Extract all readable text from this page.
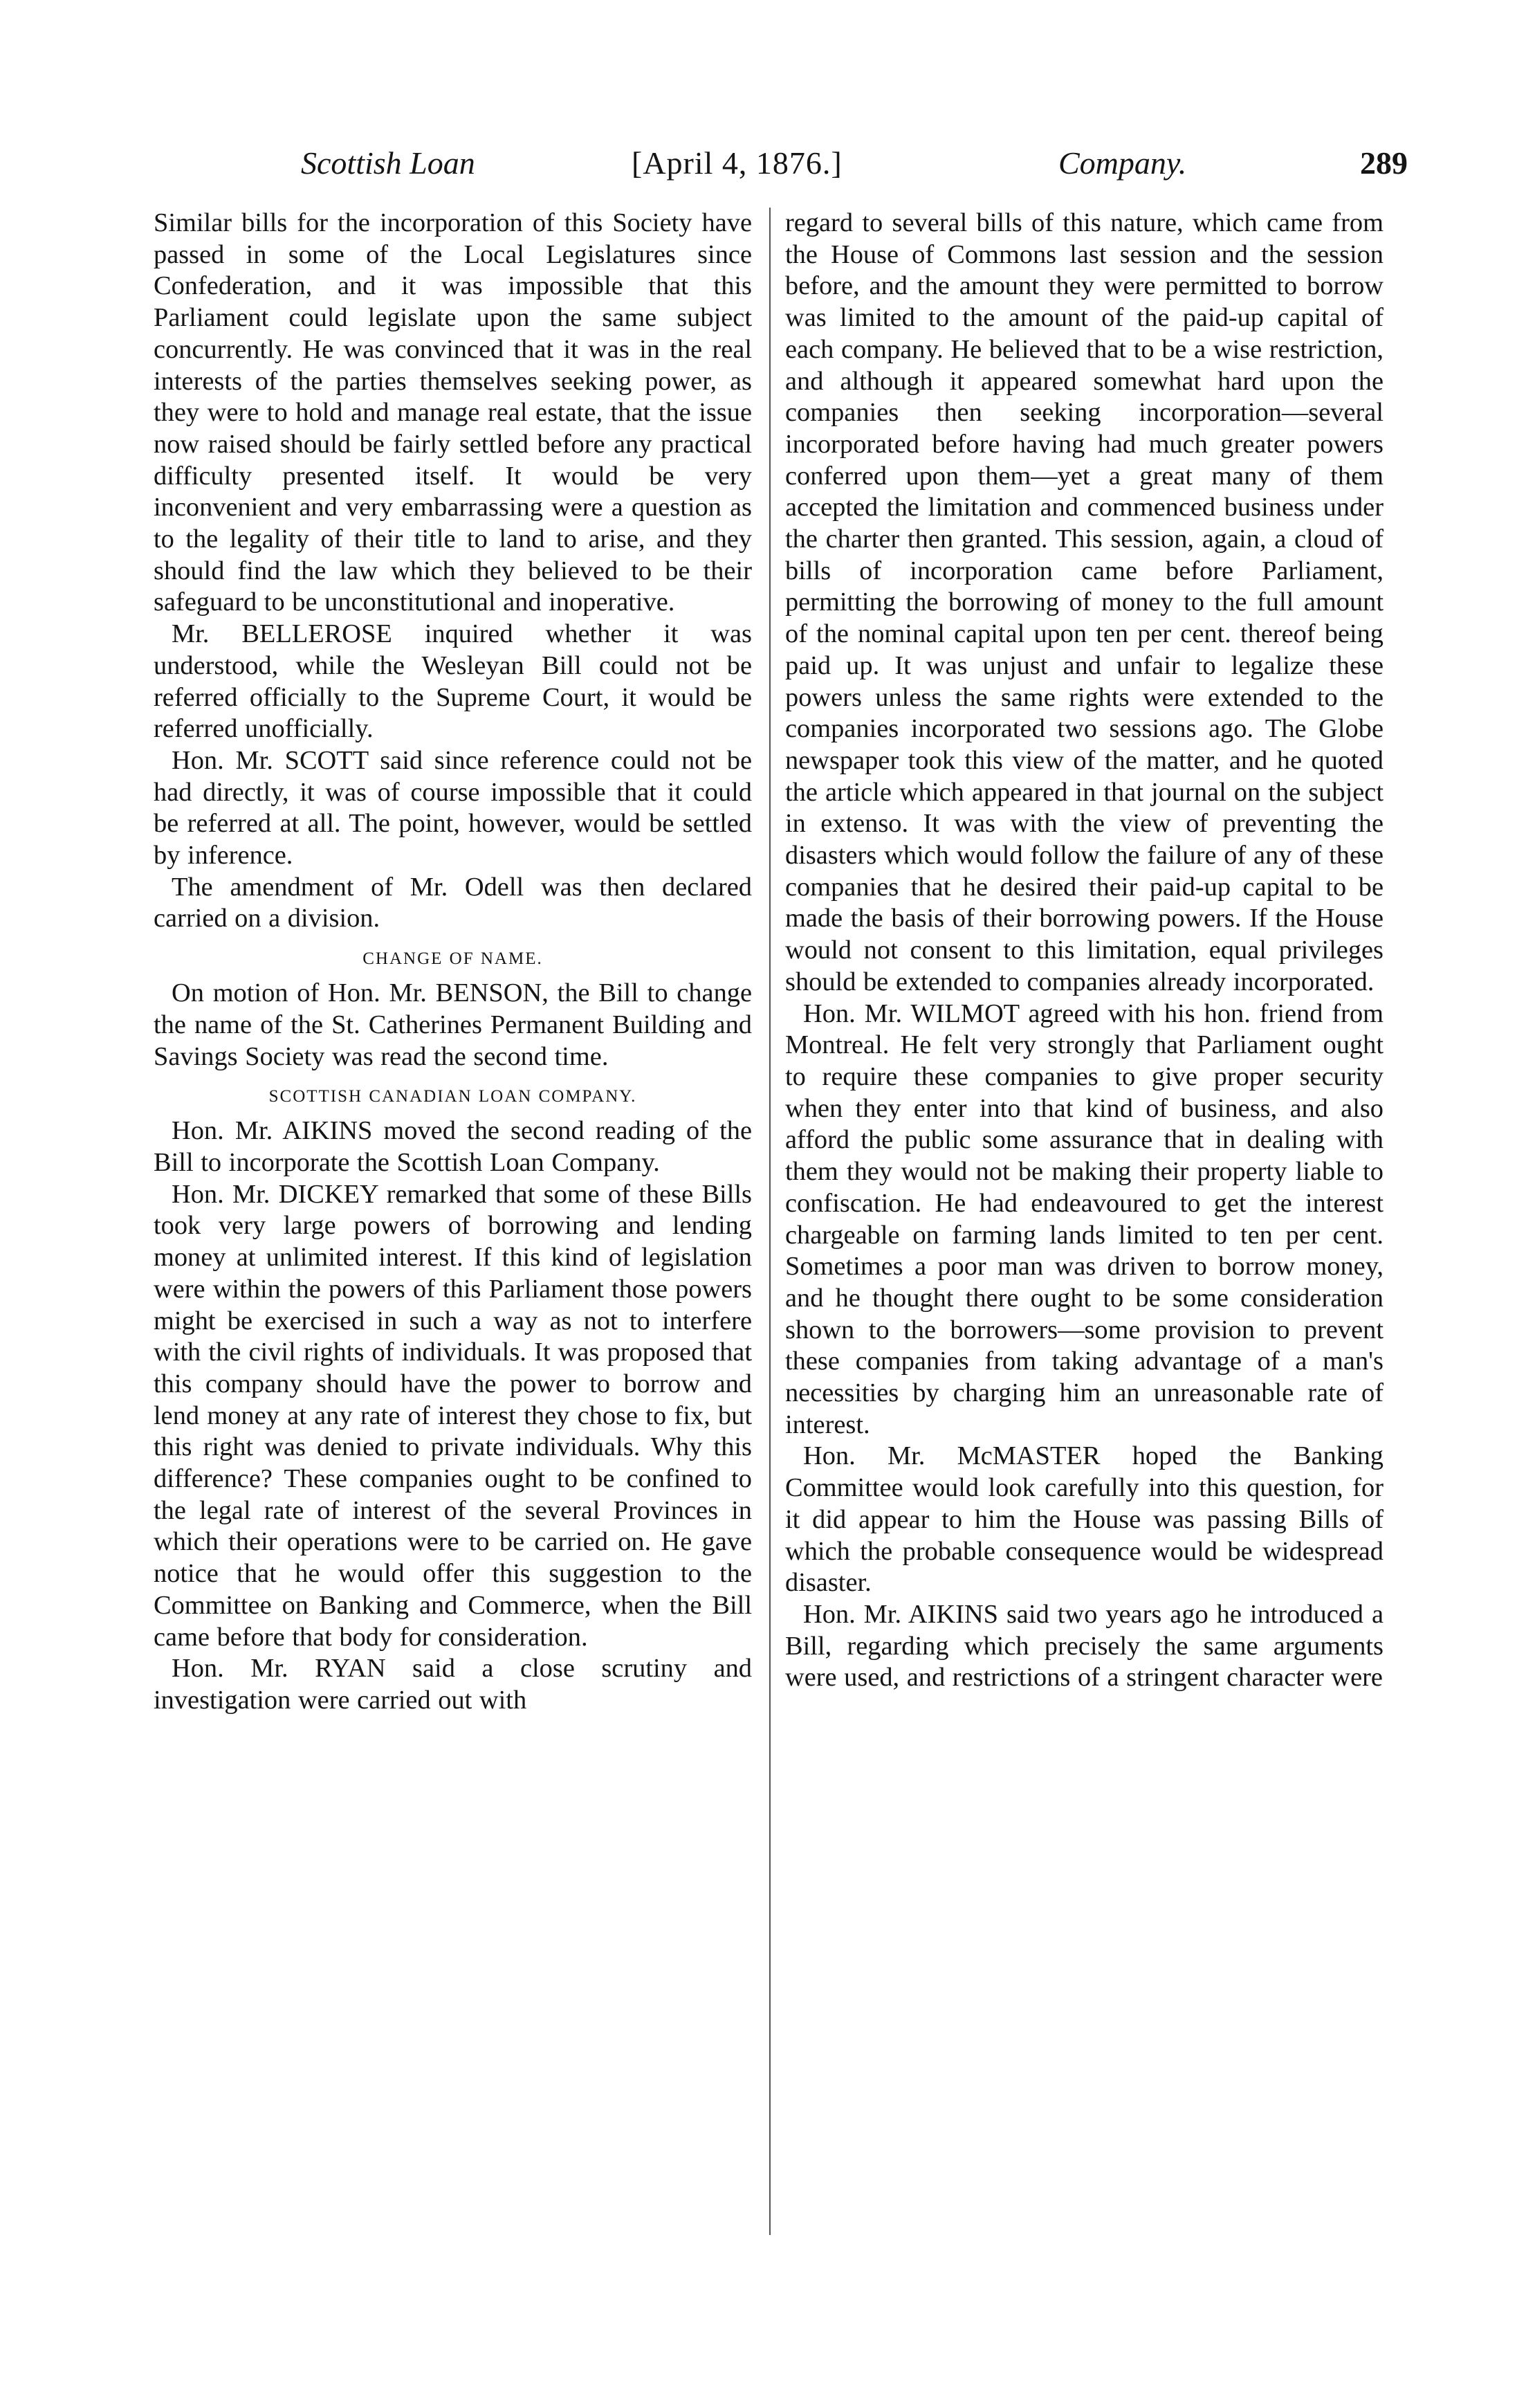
Scottish Loan	[April 4, 1876.]	Company.	289

Similar bills for the incorporation of this Society have passed in some of the Local Legislatures since Confederation, and it was impossible that this Parliament could legislate upon the same subject concurrently. He was convinced that it was in the real interests of the parties themselves seeking power, as they were to hold and manage real estate, that the issue now raised should be fairly settled before any practical difficulty presented itself. It would be very inconvenient and very embarrassing were a question as to the legality of their title to land to arise, and they should find the law which they believed to be their safeguard to be unconstitutional and inoperative.

Mr. BELLEROSE inquired whether it was understood, while the Wesleyan Bill could not be referred officially to the Supreme Court, it would be referred unofficially.

Hon. Mr. SCOTT said since reference could not be had directly, it was of course impossible that it could be referred at all. The point, however, would be settled by inference.

The amendment of Mr. Odell was then declared carried on a division.

CHANGE OF NAME.

On motion of Hon. Mr. BENSON, the Bill to change the name of the St. Catherines Permanent Building and Savings Society was read the second time.

SCOTTISH CANADIAN LOAN COMPANY.

Hon. Mr. AIKINS moved the second reading of the Bill to incorporate the Scottish Loan Company.

Hon. Mr. DICKEY remarked that some of these Bills took very large powers of borrowing and lending money at unlimited interest. If this kind of legislation were within the powers of this Parliament those powers might be exercised in such a way as not to interfere with the civil rights of individuals. It was proposed that this company should have the power to borrow and lend money at any rate of interest they chose to fix, but this right was denied to private individuals. Why this difference? These companies ought to be confined to the legal rate of interest of the several Provinces in which their operations were to be carried on. He gave notice that he would offer this suggestion to the Committee on Banking and Commerce, when the Bill came before that body for consideration.

Hon. Mr. RYAN said a close scrutiny and investigation were carried out with

regard to several bills of this nature, which came from the House of Commons last session and the session before, and the amount they were permitted to borrow was limited to the amount of the paid-up capital of each company. He believed that to be a wise restriction, and although it appeared somewhat hard upon the companies then seeking incorporation—several incorporated before having had much greater powers conferred upon them—yet a great many of them accepted the limitation and commenced business under the charter then granted. This session, again, a cloud of bills of incorporation came before Parliament, permitting the borrowing of money to the full amount of the nominal capital upon ten per cent. thereof being paid up. It was unjust and unfair to legalize these powers unless the same rights were extended to the companies incorporated two sessions ago. The Globe newspaper took this view of the matter, and he quoted the article which appeared in that journal on the subject in extenso. It was with the view of preventing the disasters which would follow the failure of any of these companies that he desired their paid-up capital to be made the basis of their borrowing powers. If the House would not consent to this limitation, equal privileges should be extended to companies already incorporated.

Hon. Mr. WILMOT agreed with his hon. friend from Montreal. He felt very strongly that Parliament ought to require these companies to give proper security when they enter into that kind of business, and also afford the public some assurance that in dealing with them they would not be making their property liable to confiscation. He had endeavoured to get the interest chargeable on farming lands limited to ten per cent. Sometimes a poor man was driven to borrow money, and he thought there ought to be some consideration shown to the borrowers—some provision to prevent these companies from taking advantage of a man's necessities by charging him an unreasonable rate of interest.

Hon. Mr. McMASTER hoped the Banking Committee would look carefully into this question, for it did appear to him the House was passing Bills of which the probable consequence would be widespread disaster.

Hon. Mr. AIKINS said two years ago he introduced a Bill, regarding which precisely the same arguments were used, and restrictions of a stringent character were
